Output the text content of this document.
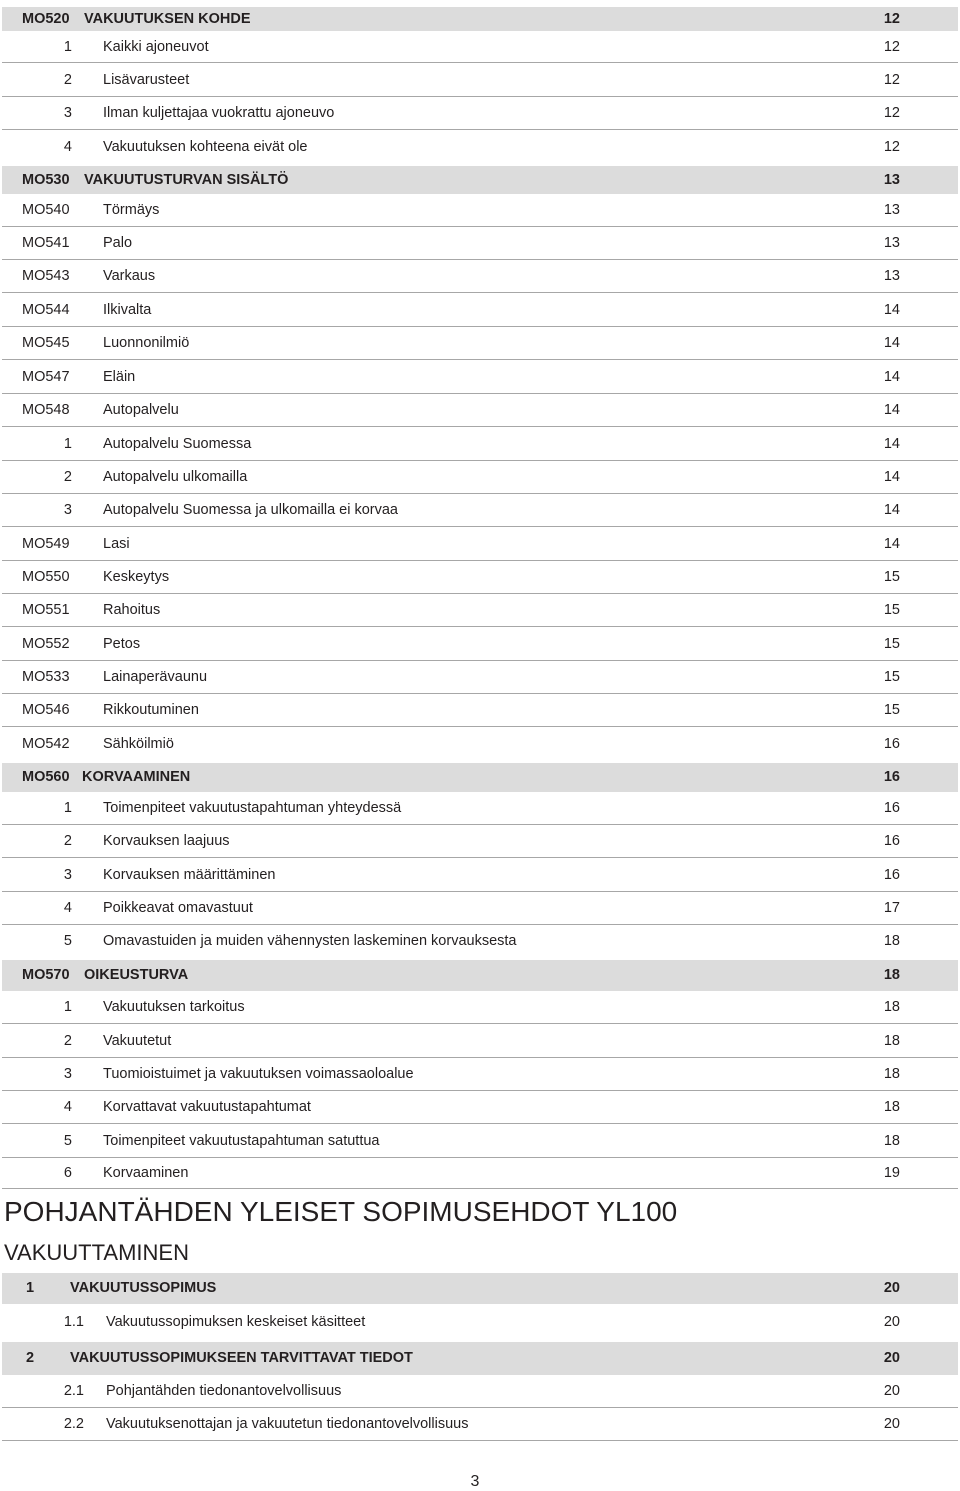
MO520 VAKUUTUKSEN KOHDE	12
1 Kaikki ajoneuvot	12
2 Lisävarusteet	12
3 Ilman kuljettajaa vuokrattu ajoneuvo	12
4 Vakuutuksen kohteena eivät ole	12
MO530 VAKUUTUSTURVAN SISÄLTÖ	13
MO540 Törmäys	13
MO541 Palo	13
MO543 Varkaus	13
MO544 Ilkivalta	14
MO545 Luonnonilmiö	14
MO547 Eläin	14
MO548 Autopalvelu	14
1 Autopalvelu Suomessa	14
2 Autopalvelu ulkomailla	14
3 Autopalvelu Suomessa ja ulkomailla ei korvaa	14
MO549 Lasi	14
MO550 Keskeytys	15
MO551 Rahoitus	15
MO552 Petos	15
MO533 Lainaperävaunu	15
MO546 Rikkoutuminen	15
MO542 Sähköilmiö	16
MO560 KORVAAMINEN	16
1 Toimenpiteet vakuutustapahtuman yhteydessä	16
2 Korvauksen laajuus	16
3 Korvauksen määrittäminen	16
4 Poikkeavat omavastuut	17
5 Omavastuiden ja muiden vähennysten laskeminen korvauksesta	18
MO570 OIKEUSTURVA	18
1 Vakuutuksen tarkoitus	18
2 Vakuutetut	18
3 Tuomioistuimet ja vakuutuksen voimassaoloalue	18
4 Korvattavat vakuutustapahtumat	18
5 Toimenpiteet vakuutustapahtuman satuttua	18
6 Korvaaminen	19
POHJANTÄHDEN YLEISET SOPIMUSEHDOT YL100
VAKUUTTAMINEN
1 VAKUUTUSSOPIMUS	20
1.1 Vakuutussopimuksen keskeiset käsitteet	20
2 VAKUUTUSSOPIMUKSEEN TARVITTAVAT TIEDOT	20
2.1 Pohjantähden tiedonantovelvollisuus	20
2.2 Vakuutuksenottajan ja vakuutetun tiedonantovelvollisuus	20
3
